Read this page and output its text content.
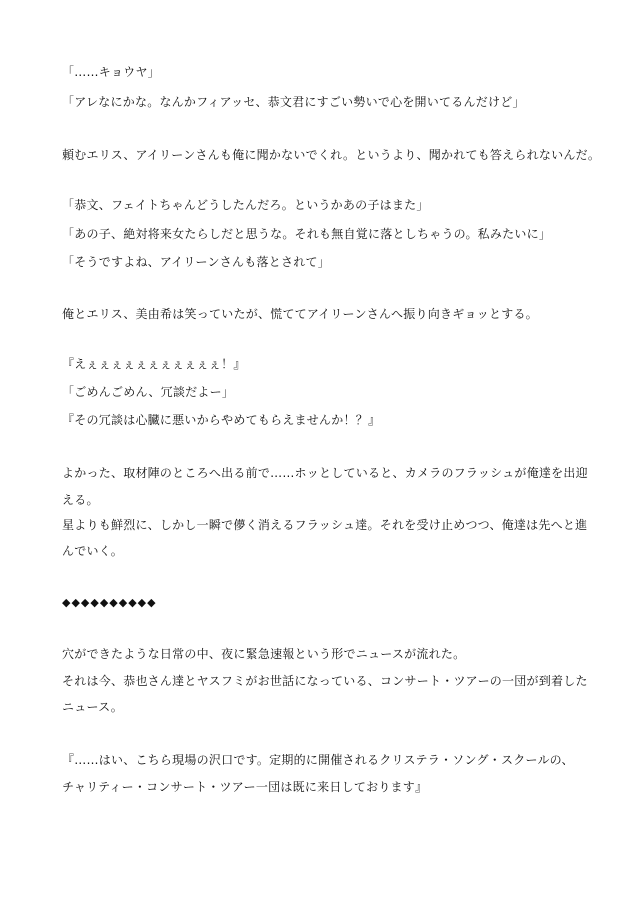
「……キョウヤ」

「アレなにかな。なんかフィアッセ、恭文君にすごい勢いで心を開いてるんだけど」

頼むエリス、アイリーンさんも俺に聞かないでくれ。というより、聞かれても答えられないんだ。

「恭文、フェイトちゃんどうしたんだろ。というかあの子はまた」

「あの子、絶対将来女たらしだと思うな。それも無自覚に落としちゃうの。私みたいに」

「そうですよね、アイリーンさんも落とされて」

俺とエリス、美由希は笑っていたが、慌ててアイリーンさんへ振り向きギョッとする。

『えぇぇぇぇぇぇぇぇぇぇぇ！』

「ごめんごめん、冗談だよー」

『その冗談は心臓に悪いからやめてもらえませんか！？』

よかった、取材陣のところへ出る前で……ホッとしていると、カメラのフラッシュが俺達を出迎

える。

星よりも鮮烈に、しかし一瞬で儚く消えるフラッシュ達。それを受け止めつつ、俺達は先へと進

んでいく。

◆◆◆◆◆◆◆◆◆◆

穴ができたような日常の中、夜に緊急速報という形でニュースが流れた。

それは今、恭也さん達とヤスフミがお世話になっている、コンサート・ツアーの一団が到着した

ニュース。

『……はい、こちら現場の沢口です。定期的に開催されるクリステラ・ソング・スクールの、

チャリティー・コンサート・ツアー一団は既に来日しております』
